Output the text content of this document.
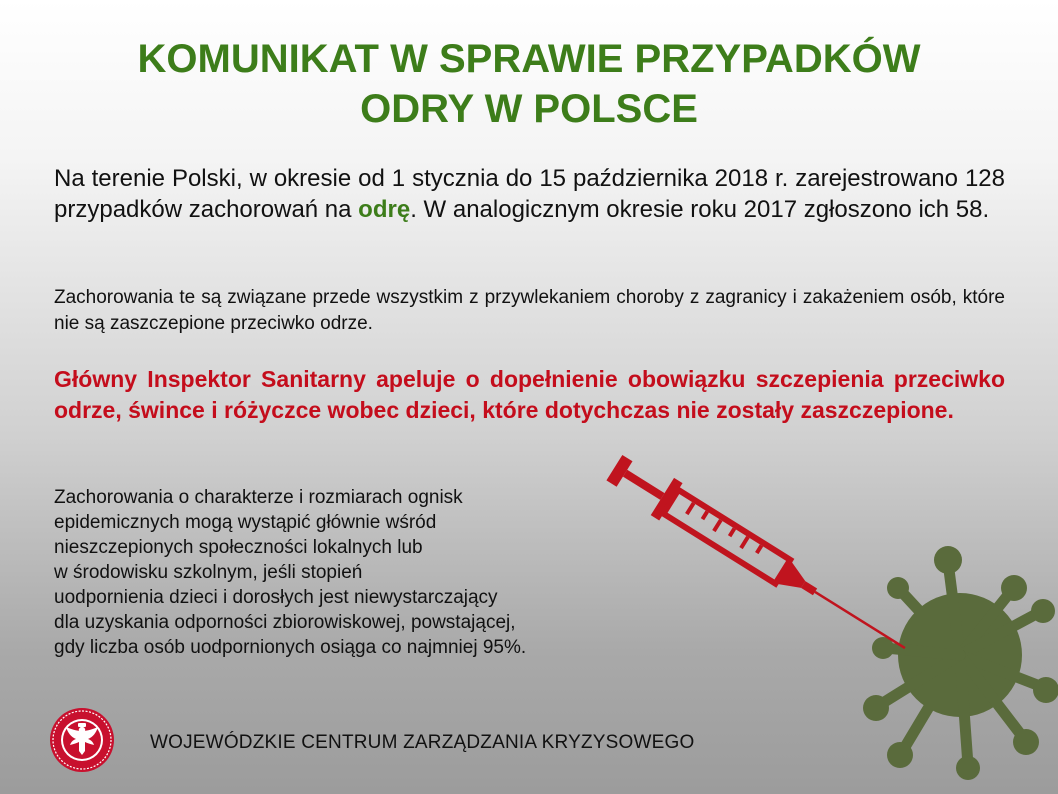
KOMUNIKAT W SPRAWIE PRZYPADKÓW
ODRY W POLSCE

Na terenie Polski, w okresie od 1 stycznia do 15 października 2018 r. zarejestrowano 128 przypadków zachorowań na odrę. W analogicznym okresie roku 2017 zgłoszono ich 58.

Zachorowania te są związane przede wszystkim z przywlekaniem choroby z zagranicy i zakażeniem osób, które nie są zaszczepione przeciwko odrze.

Główny Inspektor Sanitarny apeluje o dopełnienie obowiązku szczepienia przeciwko odrze, śwince i różyczce wobec dzieci, które dotychczas nie zostały zaszczepione.

Zachorowania o charakterze i rozmiarach ognisk
epidemicznych mogą wystąpić głównie wśród
nieszczepionych społeczności lokalnych lub
w środowisku szkolnym, jeśli stopień
uodpornienia dzieci i dorosłych jest niewystarczający
dla uzyskania odporności zbiorowiskowej, powstającej,
gdy liczba osób uodpornionych osiąga co najmniej 95%.

WOJEWÓDZKIE CENTRUM ZARZĄDZANIA KRYZYSOWEGO
